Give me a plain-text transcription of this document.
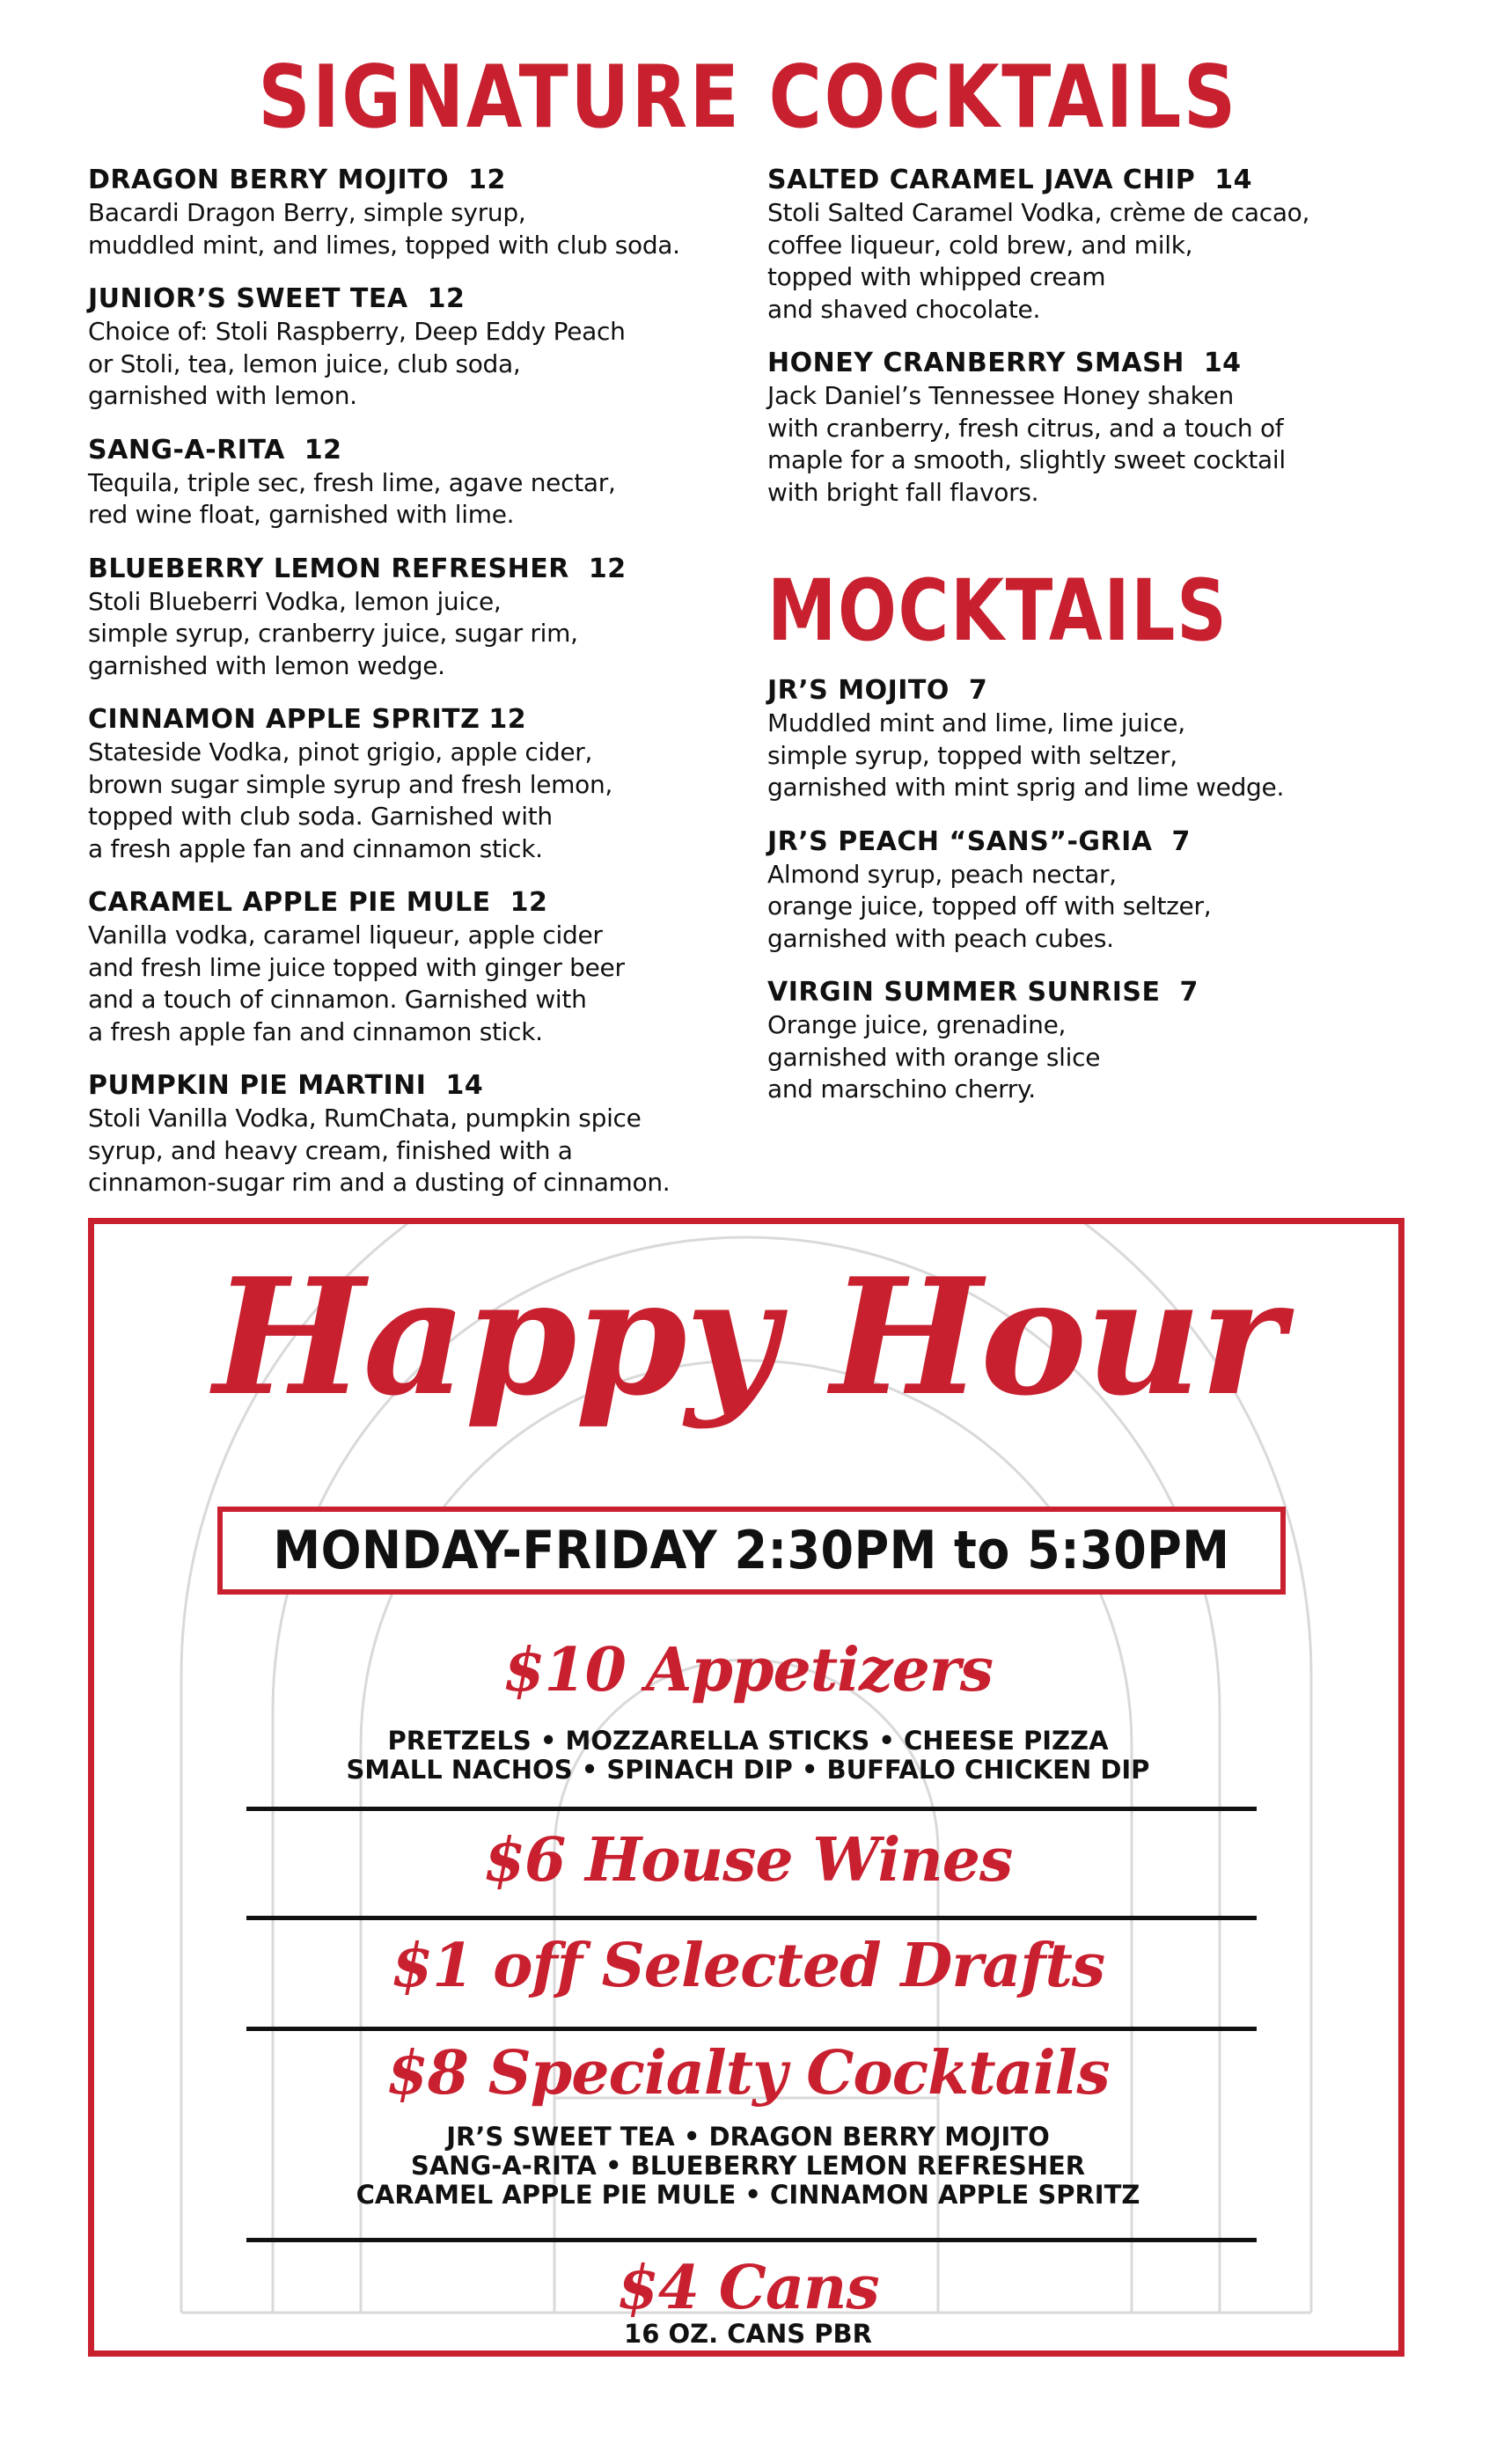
SIGNATURE COCKTAILS
DRAGON BERRY MOJITO 12
Bacardi Dragon Berry, simple syrup,
muddled mint, and limes, topped with club soda.
JUNIOR’S SWEET TEA 12
Choice of: Stoli Raspberry, Deep Eddy Peach
or Stoli, tea, lemon juice, club soda,
garnished with lemon.
SANG-A-RITA 12
Tequila, triple sec, fresh lime, agave nectar,
red wine float, garnished with lime.
BLUEBERRY LEMON REFRESHER 12
Stoli Blueberri Vodka, lemon juice,
simple syrup, cranberry juice, sugar rim,
garnished with lemon wedge.
CINNAMON APPLE SPRITZ 12
Stateside Vodka, pinot grigio, apple cider,
brown sugar simple syrup and fresh lemon,
topped with club soda. Garnished with
a fresh apple fan and cinnamon stick.
CARAMEL APPLE PIE MULE 12
Vanilla vodka, caramel liqueur, apple cider
and fresh lime juice topped with ginger beer
and a touch of cinnamon. Garnished with
a fresh apple fan and cinnamon stick.
PUMPKIN PIE MARTINI 14
Stoli Vanilla Vodka, RumChata, pumpkin spice
syrup, and heavy cream, finished with a
cinnamon-sugar rim and a dusting of cinnamon.
SALTED CARAMEL JAVA CHIP 14
Stoli Salted Caramel Vodka, crème de cacao,
coffee liqueur, cold brew, and milk,
topped with whipped cream
and shaved chocolate.
HONEY CRANBERRY SMASH 14
Jack Daniel’s Tennessee Honey shaken
with cranberry, fresh citrus, and a touch of
maple for a smooth, slightly sweet cocktail
with bright fall flavors.
MOCKTAILS
JR’S MOJITO 7
Muddled mint and lime, lime juice,
simple syrup, topped with seltzer,
garnished with mint sprig and lime wedge.
JR’S PEACH “SANS”-GRIA 7
Almond syrup, peach nectar,
orange juice, topped off with seltzer,
garnished with peach cubes.
VIRGIN SUMMER SUNRISE 7
Orange juice, grenadine,
garnished with orange slice
and marschino cherry.
Happy Hour
MONDAY-FRIDAY 2:30PM to 5:30PM
$10 Appetizers
PRETZELS • MOZZARELLA STICKS • CHEESE PIZZA
SMALL NACHOS • SPINACH DIP • BUFFALO CHICKEN DIP
$6 House Wines
$1 off Selected Drafts
$8 Specialty Cocktails
JR’S SWEET TEA • DRAGON BERRY MOJITO
SANG-A-RITA • BLUEBERRY LEMON REFRESHER
CARAMEL APPLE PIE MULE • CINNAMON APPLE SPRITZ
$4 Cans
16 OZ. CANS PBR
